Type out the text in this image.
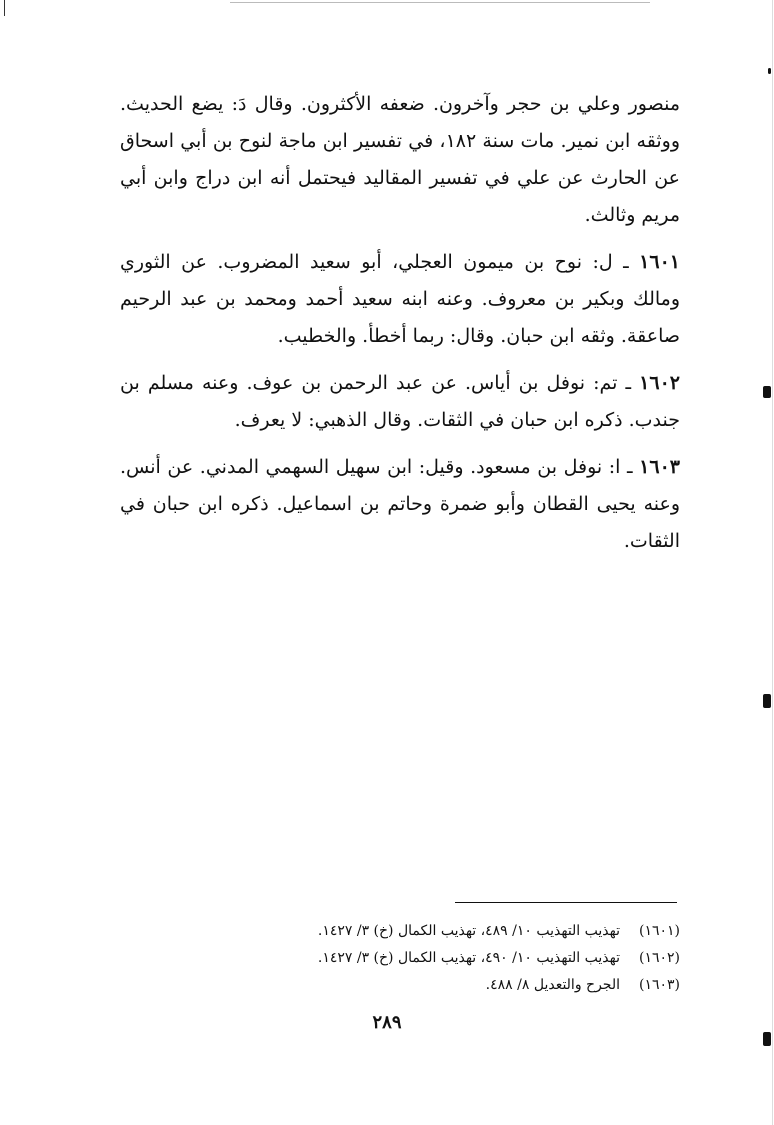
منصور وعلي بن حجر وآخرون. ضعفه الأكثرون. وقال دَ: يضع الحديث. ووثقه ابن نمير. مات سنة ١٨٢، في تفسير ابن ماجة لنوح بن أبي اسحاق عن الحارث عن علي في تفسير المقاليد فيحتمل أنه ابن دراج وابن أبي مريم وثالث.

١٦٠١ ـ ل: نوح بن ميمون العجلي، أبو سعيد المضروب. عن الثوري ومالك وبكير بن معروف. وعنه ابنه سعيد أحمد ومحمد بن عبد الرحيم صاعقة. وثقه ابن حبان. وقال: ربما أخطأ. والخطيب.

١٦٠٢ ـ تم: نوفل بن أياس. عن عبد الرحمن بن عوف. وعنه مسلم بن جندب. ذكره ابن حبان في الثقات. وقال الذهبي: لا يعرف.

١٦٠٣ ـ ا: نوفل بن مسعود. وقيل: ابن سهيل السهمي المدني. عن أنس. وعنه يحيى القطان وأبو ضمرة وحاتم بن اسماعيل. ذكره ابن حبان في الثقات.

(١٦٠١)تهذيب التهذيب ١٠/ ٤٨٩، تهذيب الكمال (خ) ٣/ ١٤٢٧.

(١٦٠٢)تهذيب التهذيب ١٠/ ٤٩٠، تهذيب الكمال (خ) ٣/ ١٤٢٧.

(١٦٠٣)الجرح والتعديل ٨/ ٤٨٨.

٢٨٩
